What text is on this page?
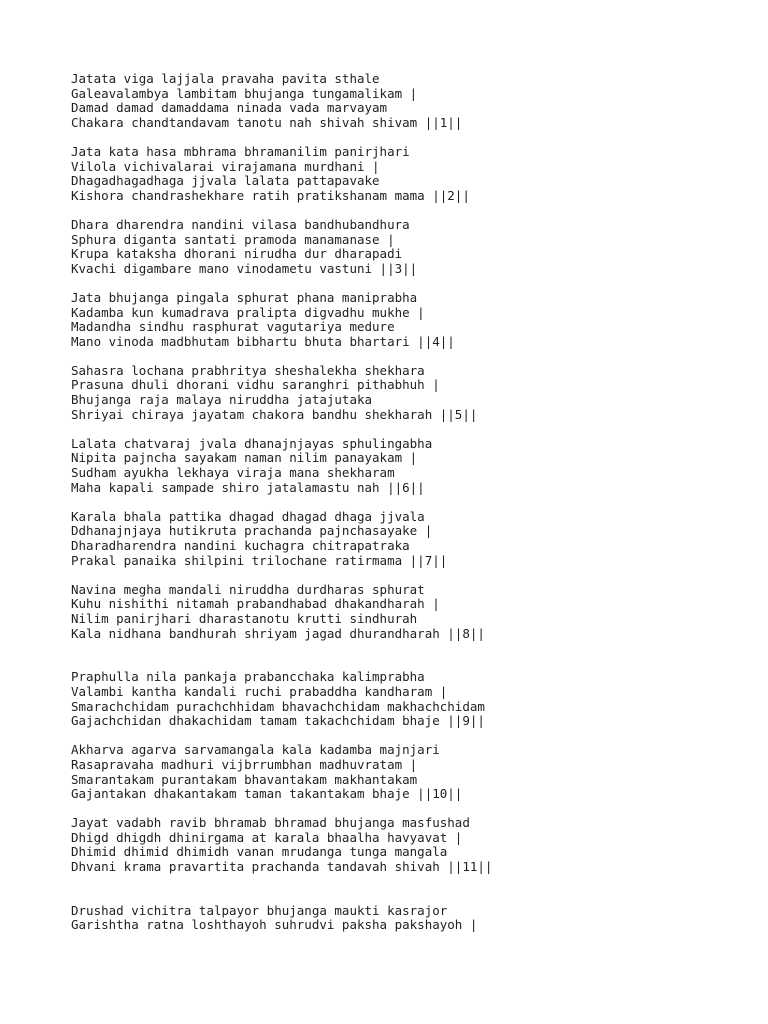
Jatata viga lajjala pravaha pavita sthale
Galeavalambya lambitam bhujanga tungamalikam |
Damad damad damaddama ninada vada marvayam
Chakara chandtandavam tanotu nah shivah shivam ||1||
Jata kata hasa mbhrama bhramanilim panirjhari
Vilola vichivalarai virajamana murdhani |
Dhagadhagadhaga jjvala lalata pattapavake
Kishora chandrashekhare ratih pratikshanam mama ||2||
Dhara dharendra nandini vilasa bandhubandhura
Sphura diganta santati pramoda manamanase |
Krupa kataksha dhorani nirudha dur dharapadi
Kvachi digambare mano vinodametu vastuni ||3||
Jata bhujanga pingala sphurat phana maniprabha
Kadamba kun kumadrava pralipta digvadhu mukhe |
Madandha sindhu rasphurat vagutariya medure
Mano vinoda madbhutam bibhartu bhuta bhartari ||4||
Sahasra lochana prabhritya sheshalekha shekhara
Prasuna dhuli dhorani vidhu saranghri pithabhuh |
Bhujanga raja malaya niruddha jatajutaka
Shriyai chiraya jayatam chakora bandhu shekharah ||5||
Lalata chatvaraj jvala dhanajnjayas sphulingabha
Nipita pajncha sayakam naman nilim panayakam |
Sudham ayukha lekhaya viraja mana shekharam
Maha kapali sampade shiro jatalamastu nah ||6||
Karala bhala pattika dhagad dhagad dhaga jjvala
Ddhanajnjaya hutikruta prachanda pajnchasayake |
Dharadharendra nandini kuchagra chitrapatraka
Prakal panaika shilpini trilochane ratirmama ||7||
Navina megha mandali niruddha durdharas sphurat
Kuhu nishithi nitamah prabandhabad dhakandharah |
Nilim panirjhari dharastanotu krutti sindhurah
Kala nidhana bandhurah shriyam jagad dhurandharah ||8||
Praphulla nila pankaja prabancchaka kalimprabha
Valambi kantha kandali ruchi prabaddha kandharam |
Smarachchidam purachchhidam bhavachchidam makhachchidam
Gajachchidan dhakachidam tamam takachchidam bhaje ||9||
Akharva agarva sarvamangala kala kadamba majnjari
Rasapravaha madhuri vijbrrumbhan madhuvratam |
Smarantakam purantakam bhavantakam makhantakam
Gajantakan dhakantakam taman takantakam bhaje ||10||
Jayat vadabh ravib bhramab bhramad bhujanga masfushad
Dhigd dhigdh dhinirgama at karala bhaalha havyavat |
Dhimid dhimid dhimidh vanan mrudanga tunga mangala
Dhvani krama pravartita prachanda tandavah shivah ||11||
Drushad vichitra talpayor bhujanga maukti kasrajor
Garishtha ratna loshthayoh suhrudvi paksha pakshayoh |
